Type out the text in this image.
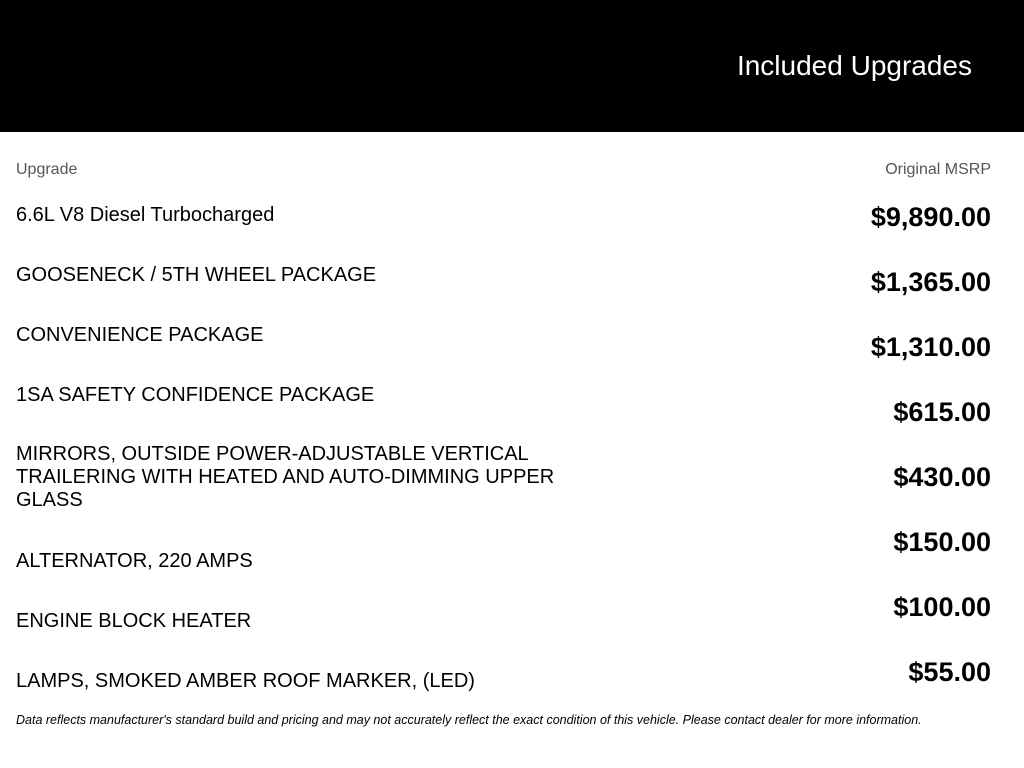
Included Upgrades
Upgrade	Original MSRP
6.6L V8 Diesel Turbocharged
GOOSENECK / 5TH WHEEL PACKAGE
CONVENIENCE PACKAGE
1SA SAFETY CONFIDENCE PACKAGE
MIRRORS, OUTSIDE POWER-ADJUSTABLE VERTICAL TRAILERING WITH HEATED AND AUTO-DIMMING UPPER GLASS
ALTERNATOR, 220 AMPS
ENGINE BLOCK HEATER
LAMPS, SMOKED AMBER ROOF MARKER, (LED)
$9,890.00
$1,365.00
$1,310.00
$615.00
$430.00
$150.00
$100.00
$55.00
Data reflects manufacturer's standard build and pricing and may not accurately reflect the exact condition of this vehicle. Please contact dealer for more information.
